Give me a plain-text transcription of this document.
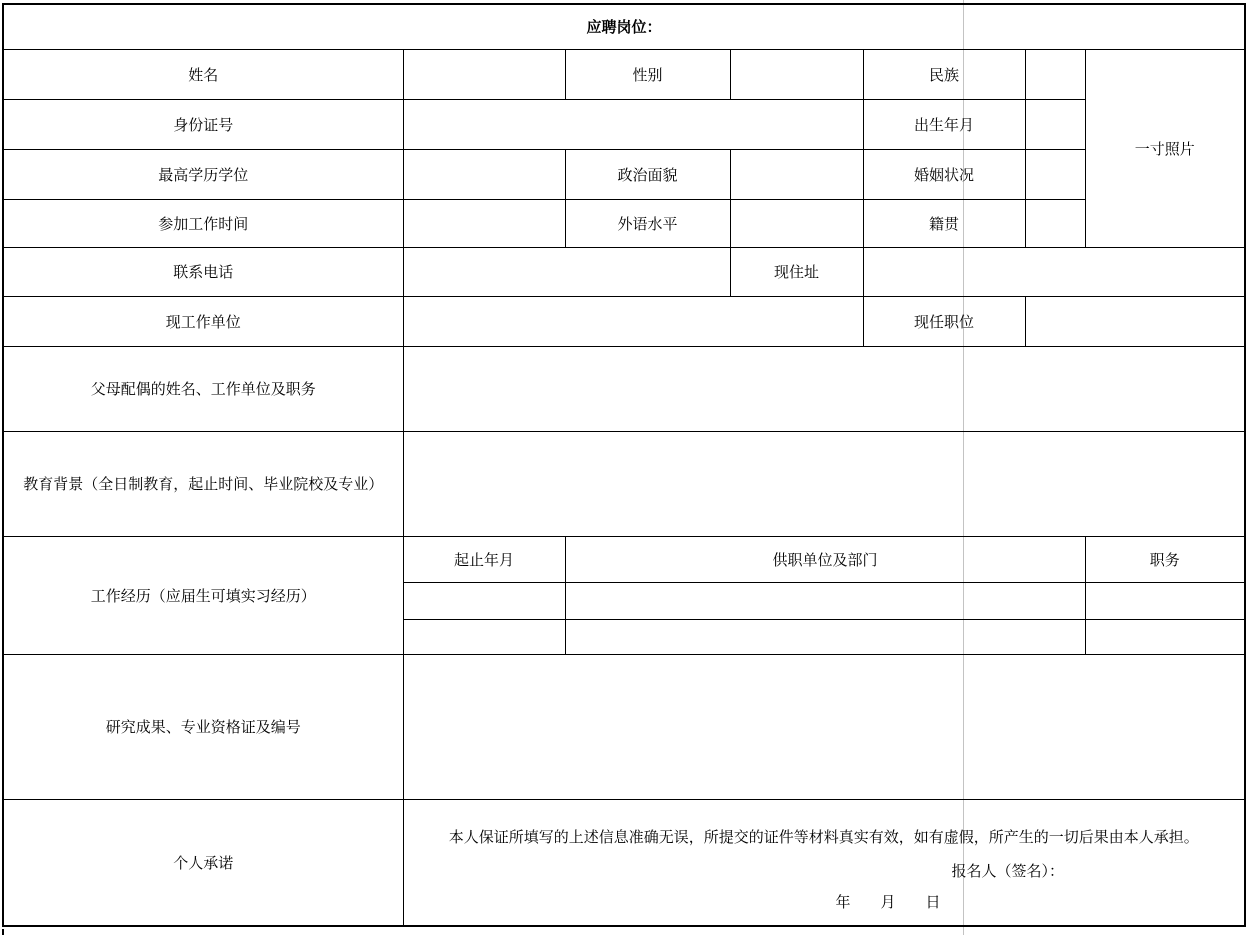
应聘岗位：						
姓名		性别		民族		一寸照片
身份证号				出生年月		
最高学历学位		政治面貌		婚姻状况		
参加工作时间		外语水平		籍贯		
联系电话			现住址			
现工作单位				现任职位		
父母配偶的姓名、工作单位及职务						
教育背景（全日制教育，起止时间、毕业院校及专业）						
工作经历（应届生可填实习经历）	起止年月	供职单位及部门				职务

研究成果、专业资格证及编号						
个人承诺	本人保证所填写的上述信息准确无误，所提交的证件等材料真实有效，如有虚假，所产生的一切后果由本人承担。
报名人（签名）：
年　　月　　日					
